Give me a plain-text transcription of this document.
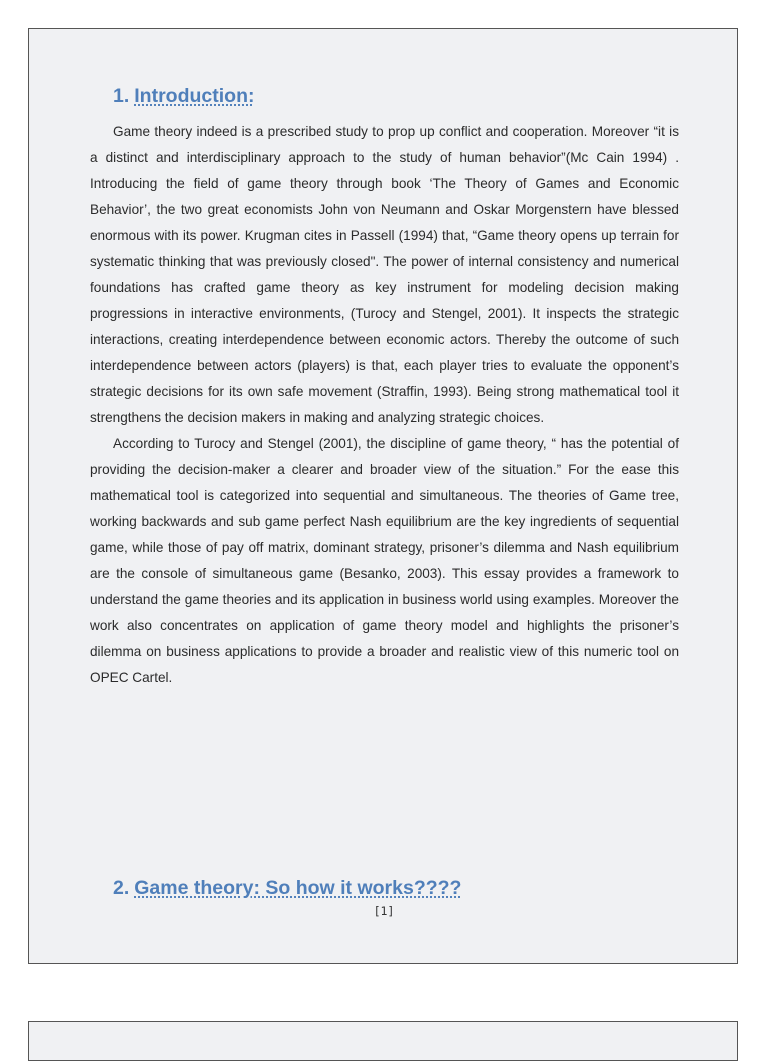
1. Introduction:

Game theory indeed is a prescribed study to prop up conflict and cooperation. Moreover “it is a distinct and interdisciplinary approach to the study of human behavior”(Mc Cain 1994) . Introducing the field of game theory through book ‘The Theory of Games and Economic Behavior’, the two great economists John von Neumann and Oskar Morgenstern have blessed enormous with its power. Krugman cites in Passell (1994) that, “Game theory opens up terrain for systematic thinking that was previously closed". The power of internal consistency and numerical foundations has crafted game theory as key instrument for modeling decision making progressions in interactive environments, (Turocy and Stengel, 2001). It inspects the strategic interactions, creating interdependence between economic actors. Thereby the outcome of such interdependence between actors (players) is that, each player tries to evaluate the opponent’s strategic decisions for its own safe movement (Straffin, 1993). Being strong mathematical tool it strengthens the decision makers in making and analyzing strategic choices.

According to Turocy and Stengel (2001), the discipline of game theory, “ has the potential of providing the decision-maker a clearer and broader view of the situation.” For the ease this mathematical tool is categorized into sequential and simultaneous. The theories of Game tree, working backwards and sub game perfect Nash equilibrium are the key ingredients of sequential game, while those of pay off matrix, dominant strategy, prisoner’s dilemma and Nash equilibrium are the console of simultaneous game (Besanko, 2003). This essay provides a framework to understand the game theories and its application in business world using examples. Moreover the work also concentrates on application of game theory model and highlights the prisoner’s dilemma on business applications to provide a broader and realistic view of this numeric tool on OPEC Cartel.

2. Game theory: So how it works????
[1]
